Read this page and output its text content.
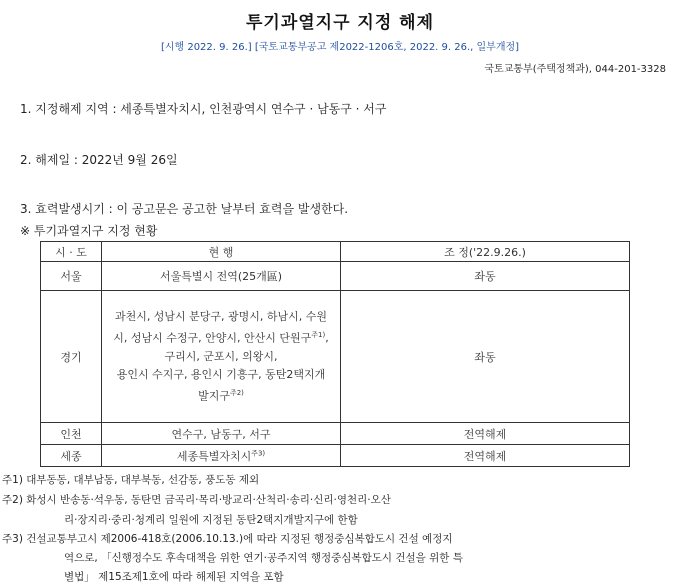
투기과열지구 지정 해제
[시행 2022. 9. 26.] [국토교통부공고 제2022-1206호, 2022. 9. 26., 일부개정]
국토교통부(주택정책과), 044-201-3328
1. 지정해제 지역 : 세종특별자치시, 인천광역시 연수구 · 남동구 · 서구
2. 해제일 : 2022년 9월 26일
3. 효력발생시기 : 이 공고문은 공고한 날부터 효력을 발생한다.
※ 투기과열지구 지정 현황
시 · 도	현 행	조 정('22.9.26.)
서울	서울특별시 전역(25개區)	좌동
경기	과천시, 성남시 분당구, 광명시, 하남시, 수원
시, 성남시 수정구, 안양시, 안산시 단원구$^{주1)}$,
구리시, 군포시, 의왕시,
용인시 수지구, 용인시 기흥구, 동탄2택지개
발지구$^{주2)}$	좌동
인천	연수구, 남동구, 서구	전역해제
세종	세종특별자치시$^{주3)}$	전역해제
주1) 대부동동, 대부남동, 대부북동, 선감동, 풍도동 제외
주2) 화성시 반송동·석우동, 동탄면 금곡리·목리·방교리·산척리·송리·신리·영천리·오산
리·장지리·중리·청계리 일원에 지정된 동탄2택지개발지구에 한함
주3) 건설교통부고시 제2006-418호(2006.10.13.)에 따라 지정된 행정중심복합도시 건설 예정지
역으로, 「신행정수도 후속대책을 위한 연기·공주지역 행정중심복합도시 건설을 위한 특
별법」 제15조제1호에 따라 해제된 지역을 포함
